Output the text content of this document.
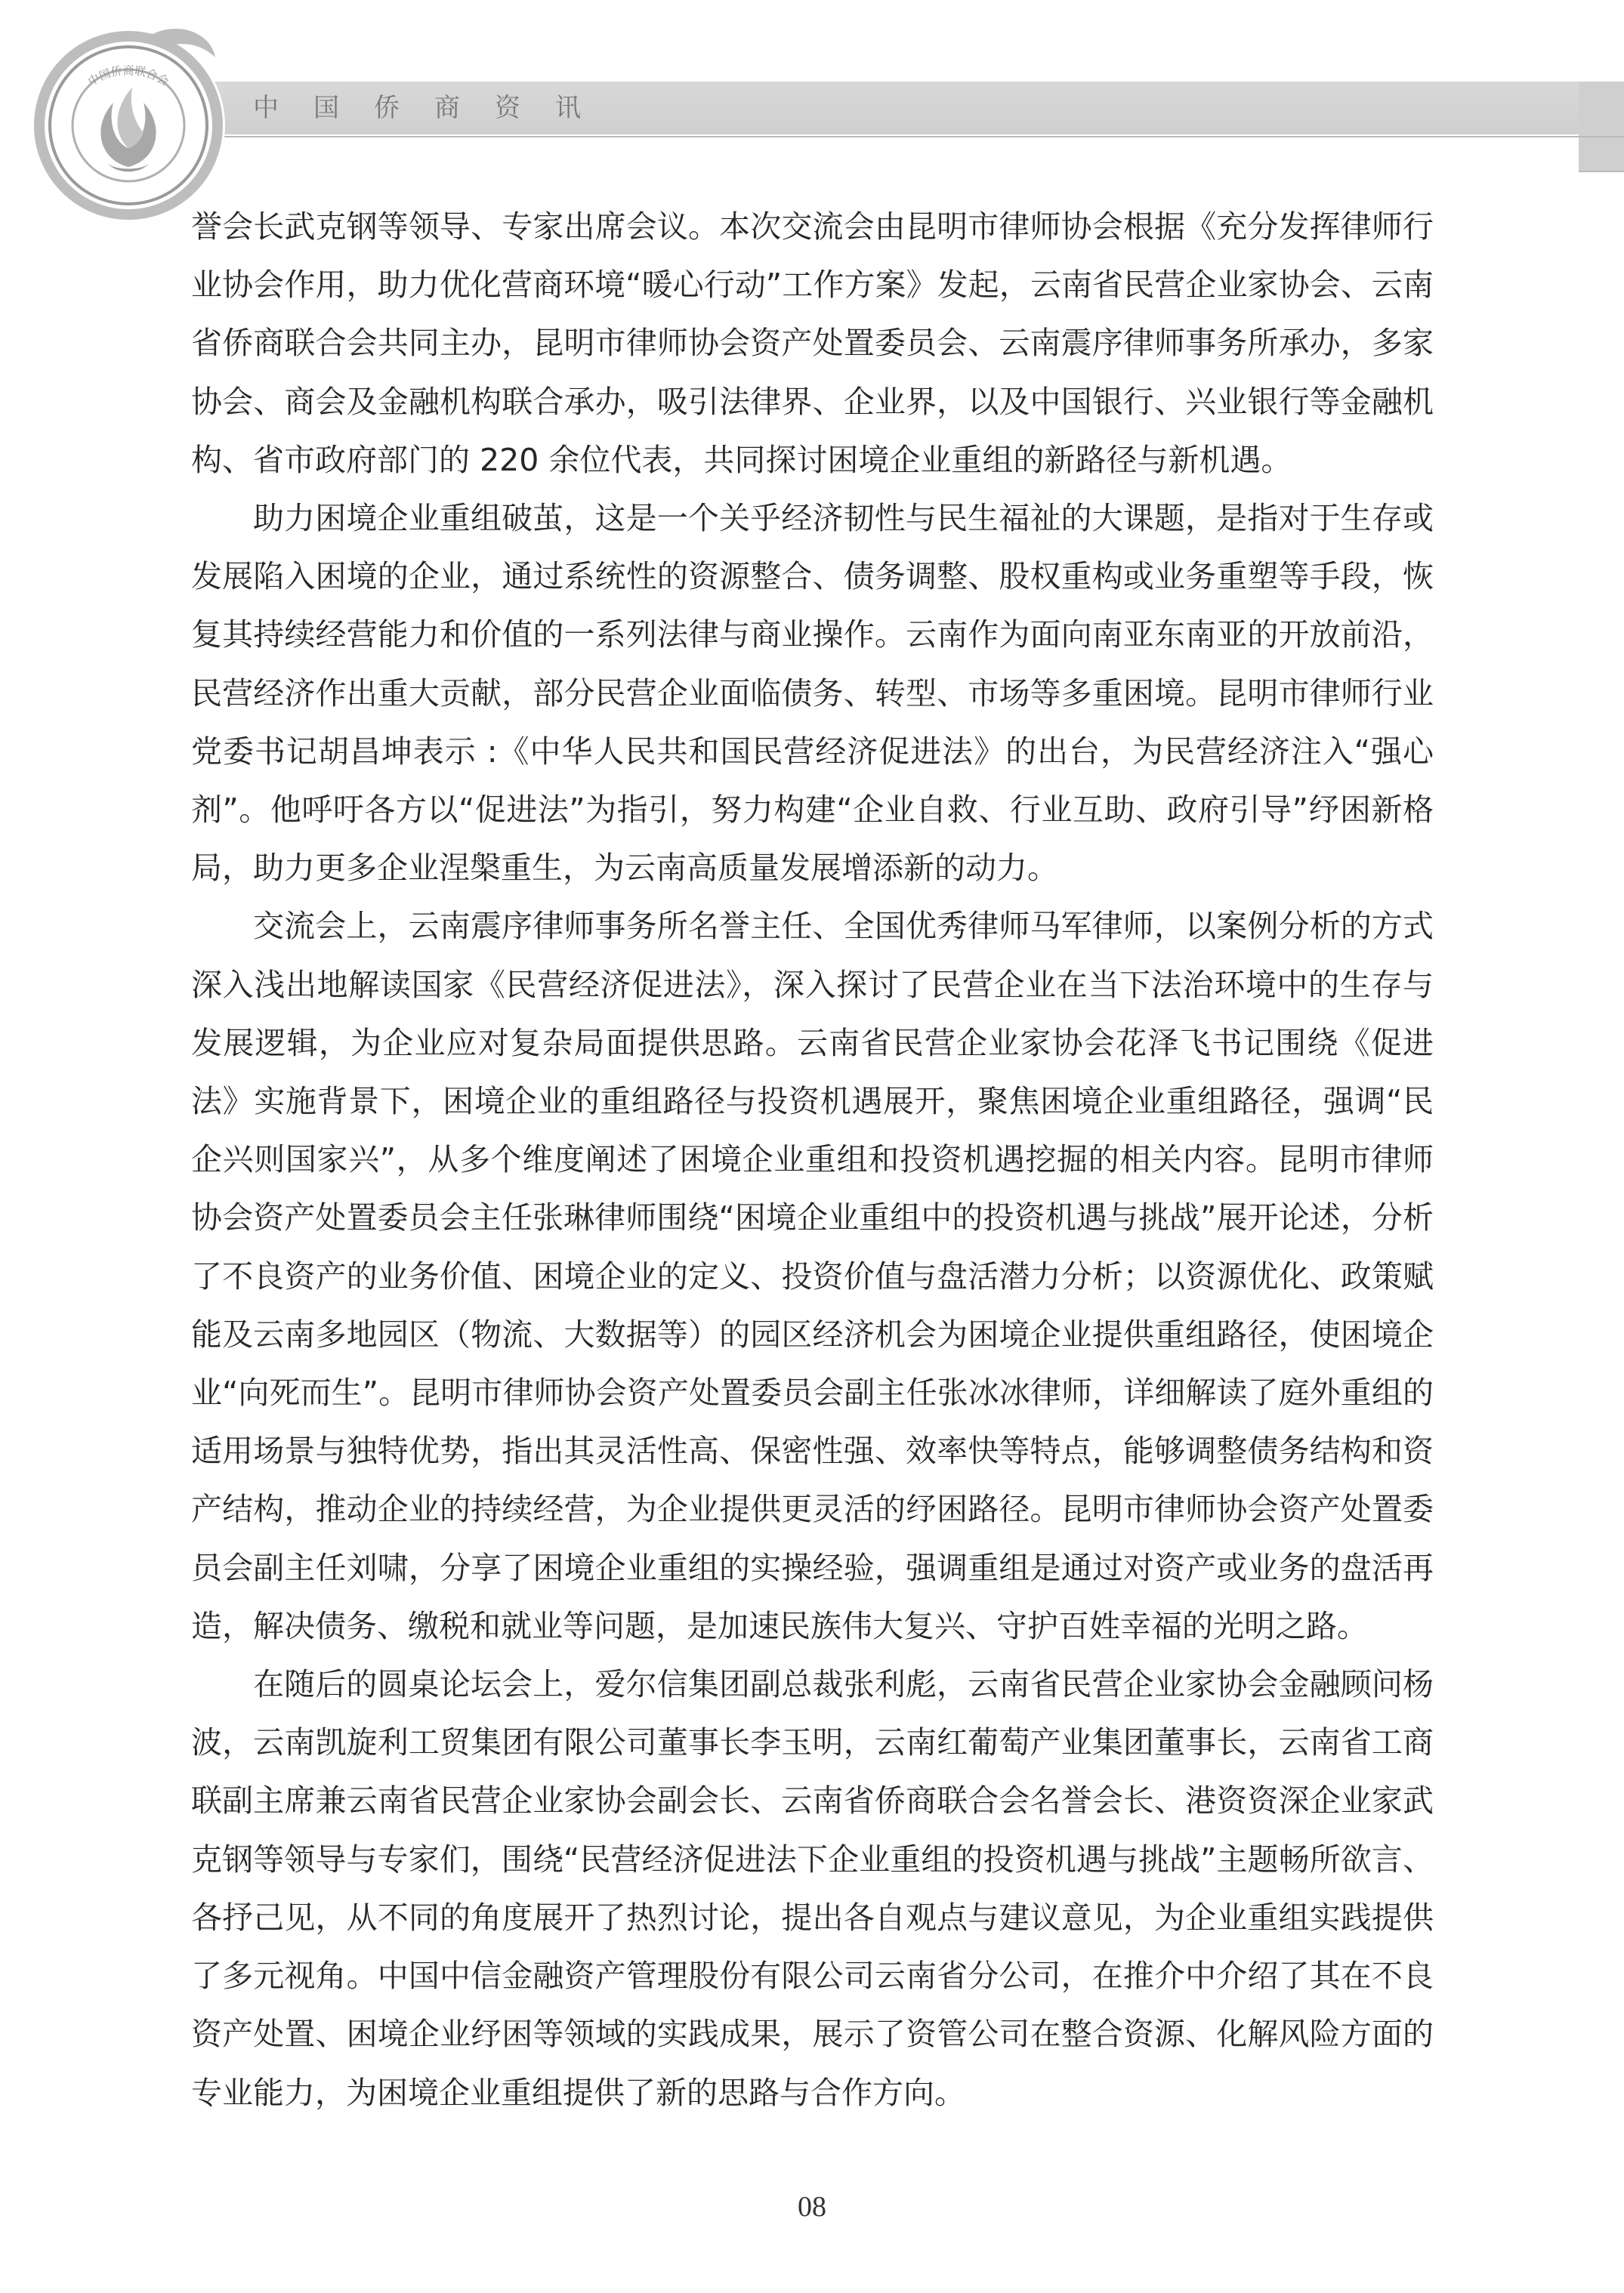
中国侨商资讯
中国侨商联合会

誉会长武克钢等领导、专家出席会议。本次交流会由昆明市律师协会根据《充分发挥律师行业协会作用，助力优化营商环境“暖心行动”工作方案》发起，云南省民营企业家协会、云南省侨商联合会共同主办，昆明市律师协会资产处置委员会、云南震序律师事务所承办，多家协会、商会及金融机构联合承办，吸引法律界、企业界，以及中国银行、兴业银行等金融机构、省市政府部门的 220 余位代表，共同探讨困境企业重组的新路径与新机遇。

助力困境企业重组破茧，这是一个关乎经济韧性与民生福祉的大课题，是指对于生存或发展陷入困境的企业，通过系统性的资源整合、债务调整、股权重构或业务重塑等手段，恢复其持续经营能力和价值的一系列法律与商业操作。云南作为面向南亚东南亚的开放前沿，民营经济作出重大贡献，部分民营企业面临债务、转型、市场等多重困境。昆明市律师行业党委书记胡昌坤表示 :《中华人民共和国民营经济促进法》的出台，为民营经济注入“强心剂”。他呼吁各方以“促进法”为指引，努力构建“企业自救、行业互助、政府引导”纾困新格局，助力更多企业涅槃重生，为云南高质量发展增添新的动力。

交流会上，云南震序律师事务所名誉主任、全国优秀律师马军律师，以案例分析的方式深入浅出地解读国家《民营经济促进法》，深入探讨了民营企业在当下法治环境中的生存与发展逻辑，为企业应对复杂局面提供思路。云南省民营企业家协会花泽飞书记围绕《促进法》实施背景下，困境企业的重组路径与投资机遇展开，聚焦困境企业重组路径，强调“民企兴则国家兴”，从多个维度阐述了困境企业重组和投资机遇挖掘的相关内容。昆明市律师协会资产处置委员会主任张琳律师围绕“困境企业重组中的投资机遇与挑战”展开论述，分析了不良资产的业务价值、困境企业的定义、投资价值与盘活潜力分析；以资源优化、政策赋能及云南多地园区（物流、大数据等）的园区经济机会为困境企业提供重组路径，使困境企业“向死而生”。昆明市律师协会资产处置委员会副主任张冰冰律师，详细解读了庭外重组的适用场景与独特优势，指出其灵活性高、保密性强、效率快等特点，能够调整债务结构和资产结构，推动企业的持续经营，为企业提供更灵活的纾困路径。昆明市律师协会资产处置委员会副主任刘啸，分享了困境企业重组的实操经验，强调重组是通过对资产或业务的盘活再造，解决债务、缴税和就业等问题，是加速民族伟大复兴、守护百姓幸福的光明之路。

在随后的圆桌论坛会上，爱尔信集团副总裁张利彪，云南省民营企业家协会金融顾问杨波，云南凯旋利工贸集团有限公司董事长李玉明，云南红葡萄产业集团董事长，云南省工商联副主席兼云南省民营企业家协会副会长、云南省侨商联合会名誉会长、港资资深企业家武克钢等领导与专家们，围绕“民营经济促进法下企业重组的投资机遇与挑战”主题畅所欲言、各抒己见，从不同的角度展开了热烈讨论，提出各自观点与建议意见，为企业重组实践提供了多元视角。中国中信金融资产管理股份有限公司云南省分公司，在推介中介绍了其在不良资产处置、困境企业纾困等领域的实践成果，展示了资管公司在整合资源、化解风险方面的专业能力，为困境企业重组提供了新的思路与合作方向。

08
